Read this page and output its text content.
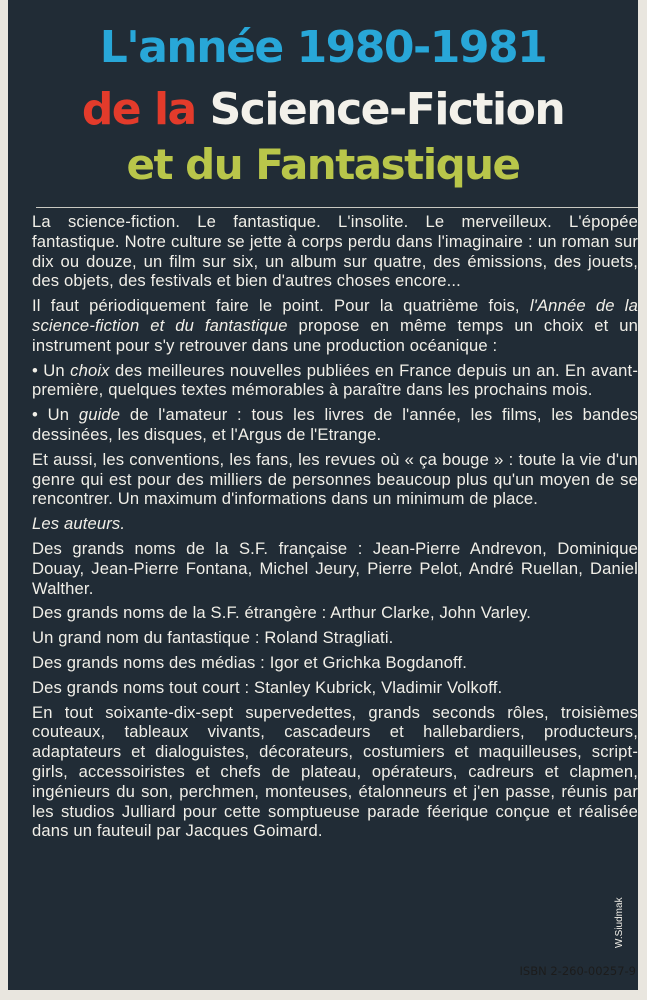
L'année 1980-1981
de la Science-Fiction
et du Fantastique

La science-fiction. Le fantastique. L'insolite. Le merveilleux. L'épopée fantastique. Notre culture se jette à corps perdu dans l'imaginaire : un roman sur dix ou douze, un film sur six, un album sur quatre, des émissions, des jouets, des objets, des festivals et bien d'autres choses encore...

Il faut périodiquement faire le point. Pour la quatrième fois, l'Année de la science-fiction et du fantastique propose en même temps un choix et un instrument pour s'y retrouver dans une production océanique :

• Un choix des meilleures nouvelles publiées en France depuis un an. En avant-première, quelques textes mémorables à paraître dans les prochains mois.

• Un guide de l'amateur : tous les livres de l'année, les films, les bandes dessinées, les disques, et l'Argus de l'Etrange.

Et aussi, les conventions, les fans, les revues où « ça bouge » : toute la vie d'un genre qui est pour des milliers de personnes beaucoup plus qu'un moyen de se rencontrer. Un maximum d'informations dans un minimum de place.

Les auteurs.

Des grands noms de la S.F. française : Jean-Pierre Andrevon, Dominique Douay, Jean-Pierre Fontana, Michel Jeury, Pierre Pelot, André Ruellan, Daniel Walther.

Des grands noms de la S.F. étrangère : Arthur Clarke, John Varley.

Un grand nom du fantastique : Roland Stragliati.

Des grands noms des médias : Igor et Grichka Bogdanoff.

Des grands noms tout court : Stanley Kubrick, Vladimir Volkoff.

En tout soixante-dix-sept supervedettes, grands seconds rôles, troisièmes couteaux, tableaux vivants, cascadeurs et hallebardiers, producteurs, adaptateurs et dialoguistes, décorateurs, costumiers et maquilleuses, script-girls, accessoiristes et chefs de plateau, opérateurs, cadreurs et clapmen, ingénieurs du son, perchmen, monteuses, étalonneurs et j'en passe, réunis par les studios Julliard pour cette somptueuse parade féerique conçue et réalisée dans un fauteuil par Jacques Goimard.

W.Siudmak
ISBN 2-260-00257-9
